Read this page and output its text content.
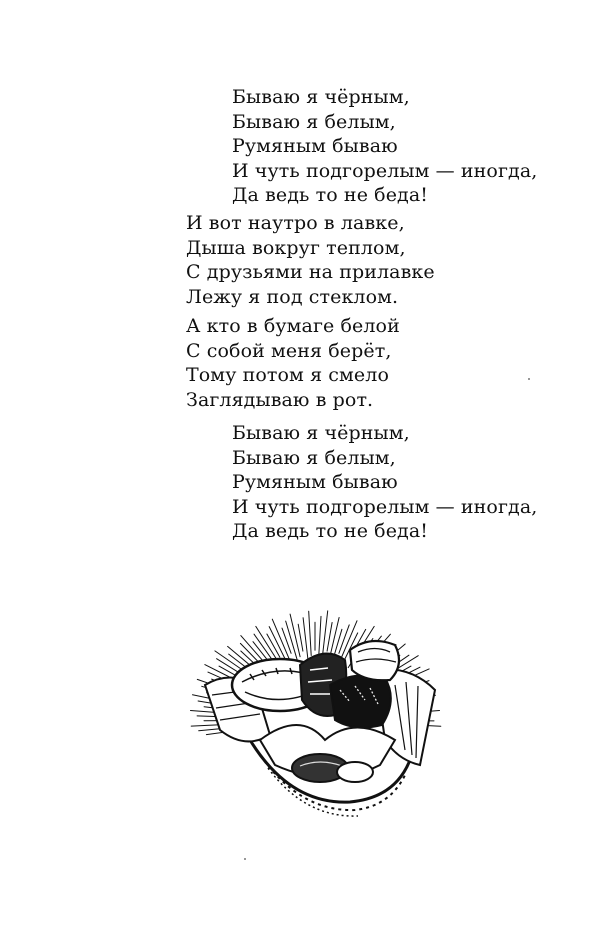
Бываю я чёрным,
Бываю я белым,
Румяным бываю
И чуть подгорелым — иногда,
Да ведь то не беда!
И вот наутро в лавке,
Дыша вокруг теплом,
С друзьями на прилавке
Лежу я под стеклом.
А кто в бумаге белой
С собой меня берёт,
Тому потом я смело
Заглядываю в рот.
Бываю я чёрным,
Бываю я белым,
Румяным бываю
И чуть подгорелым — иногда,
Да ведь то не беда!
